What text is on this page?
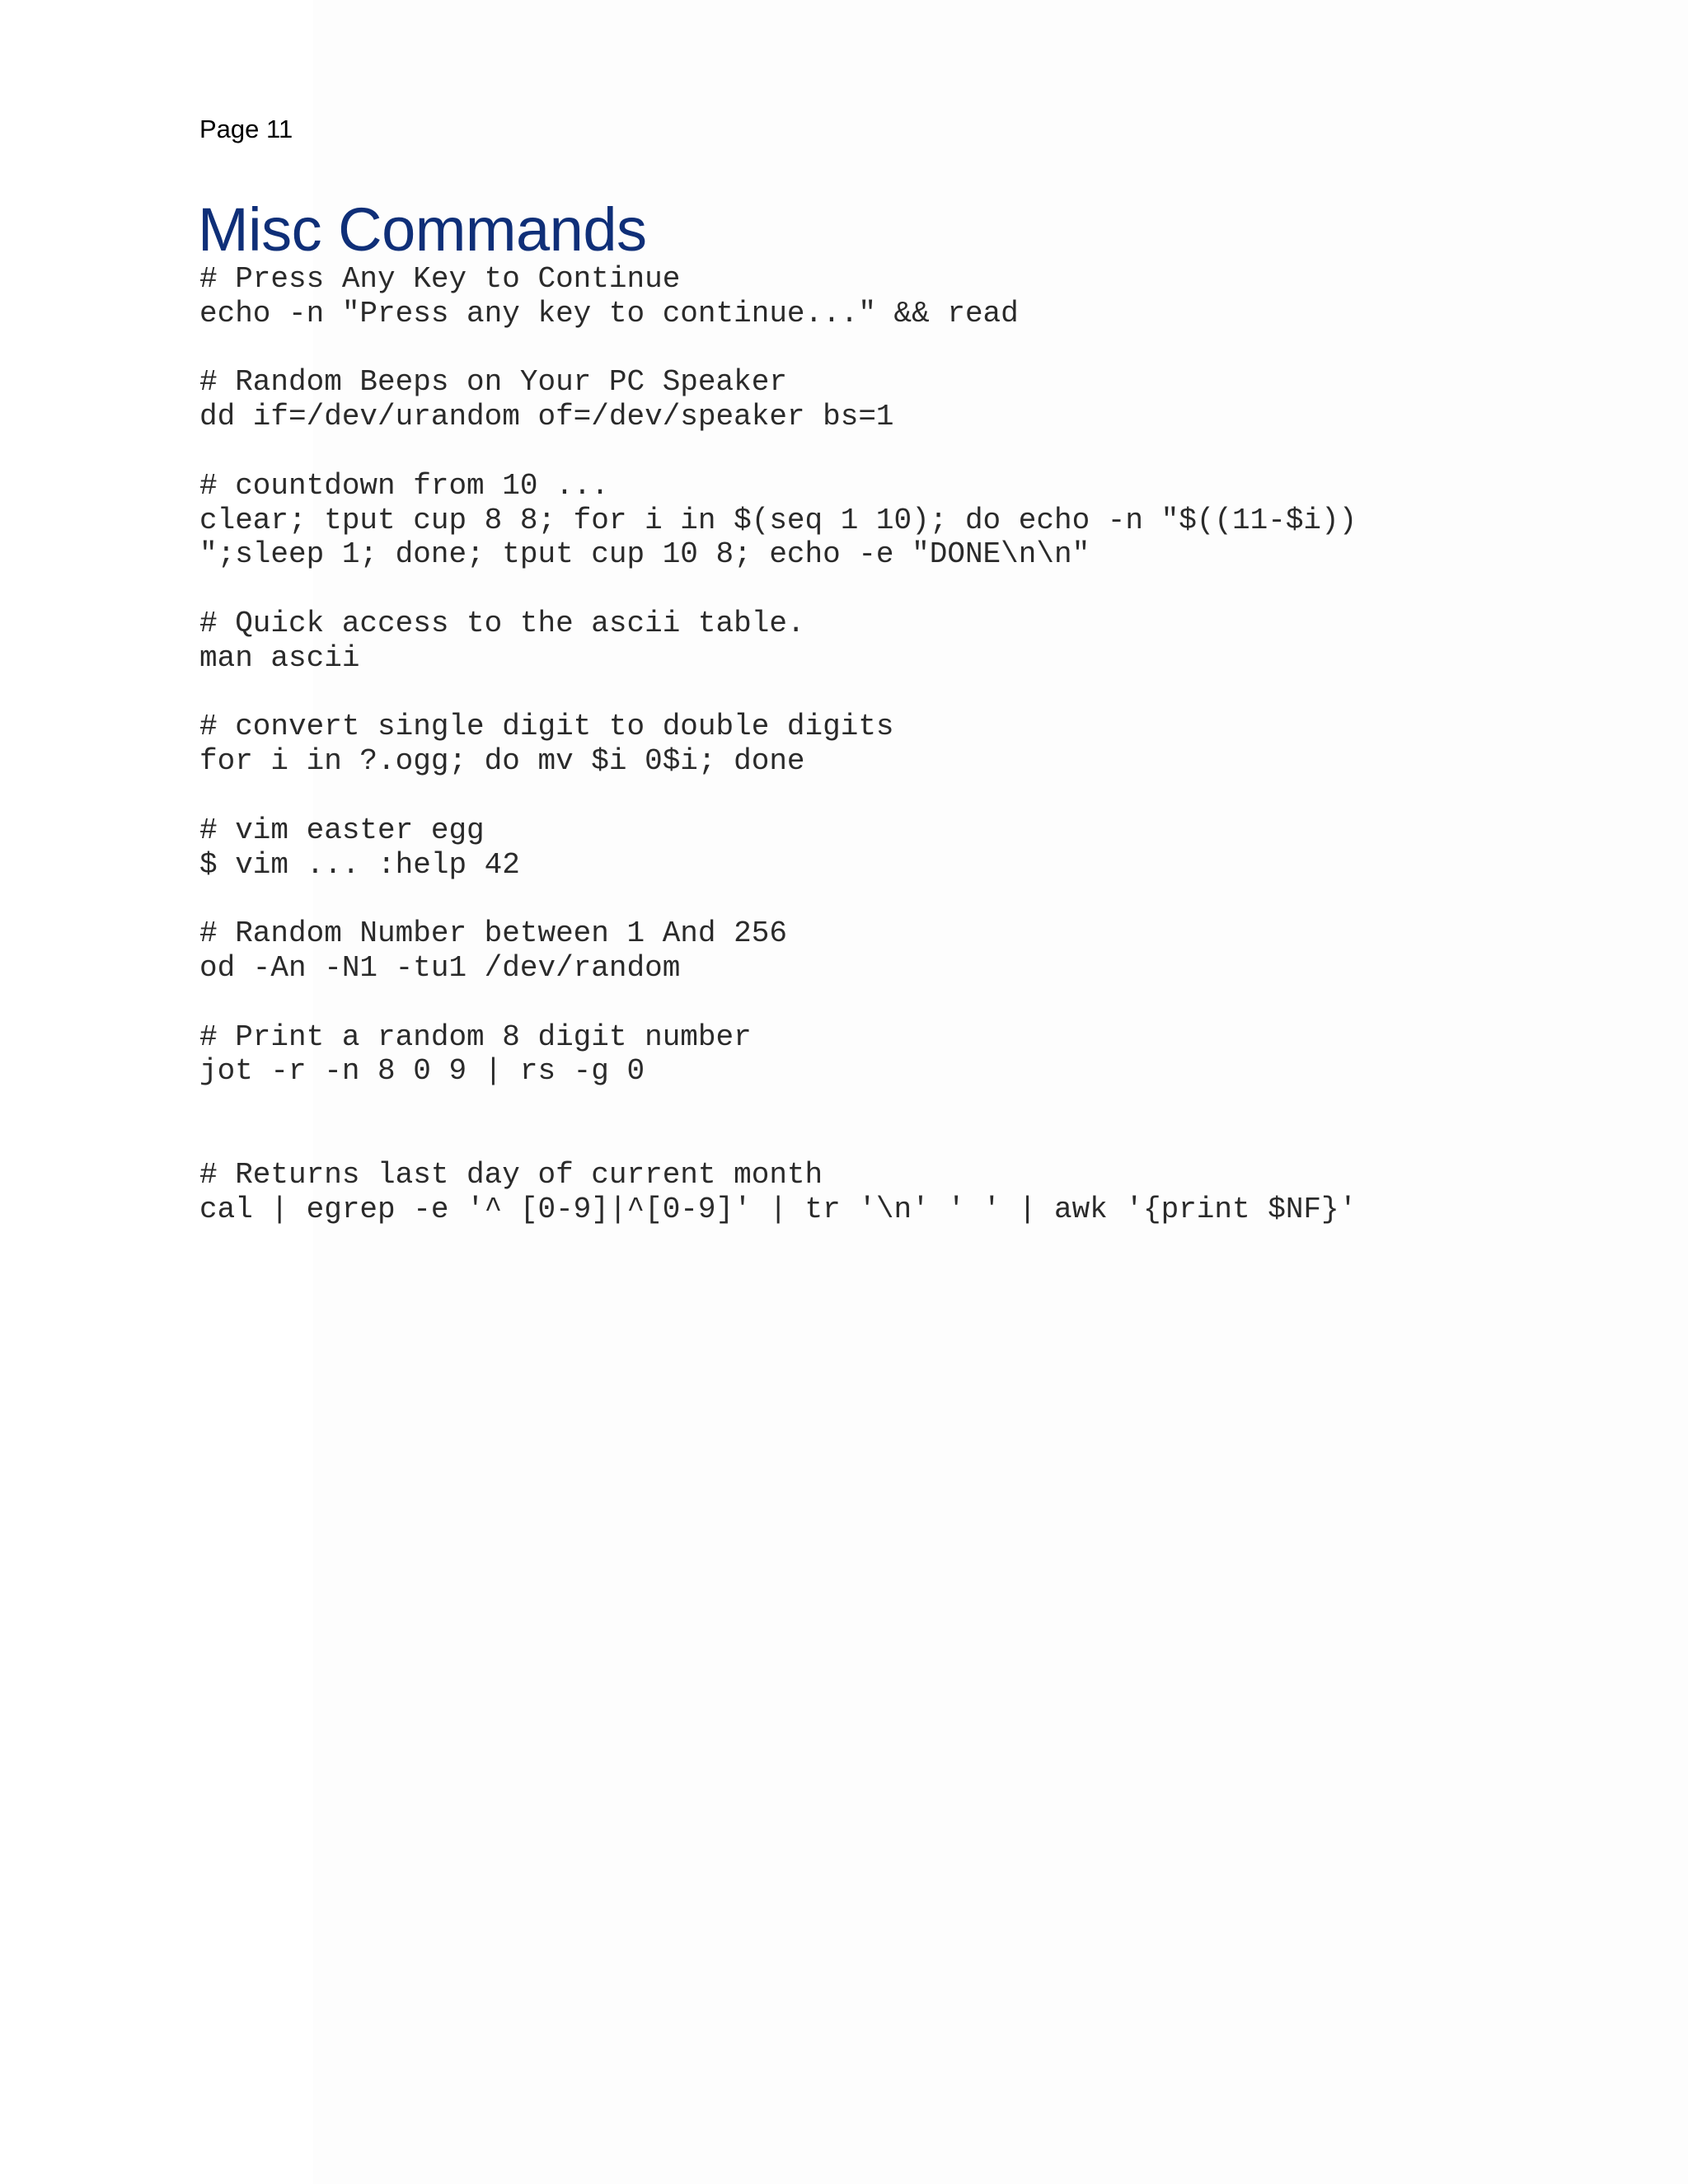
Page 11

Misc Commands
# Press Any Key to Continue
echo -n "Press any key to continue..." && read
# Random Beeps on Your PC Speaker
dd if=/dev/urandom of=/dev/speaker bs=1
# countdown from 10 ...
clear; tput cup 8 8; for i in $(seq 1 10); do echo -n "$((11-$i))
";sleep 1; done; tput cup 10 8; echo -e "DONE\n\n"
# Quick access to the ascii table.
man ascii
# convert single digit to double digits
for i in ?.ogg; do mv $i 0$i; done
# vim easter egg
$ vim ... :help 42
# Random Number between 1 And 256
od -An -N1 -tu1 /dev/random
# Print a random 8 digit number
jot -r -n 8 0 9 | rs -g 0
# Returns last day of current month
cal | egrep -e '^ [0-9]|^[0-9]' | tr '\n' ' ' | awk '{print $NF}'
